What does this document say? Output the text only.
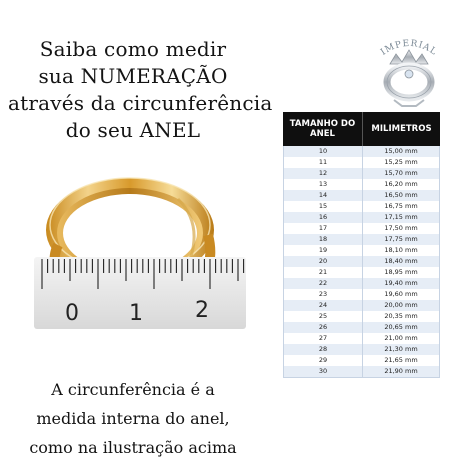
Saiba como medir
sua NUMERAÇÃO
através da circunferência
do seu ANEL
IMPERIAL
0 1 2
TAMANHO DO ANEL	MILIMETROS
10	15,00 mm
11	15,25 mm
12	15,70 mm
13	16,20 mm
14	16,50 mm
15	16,75 mm
16	17,15 mm
17	17,50 mm
18	17,75 mm
19	18,10 mm
20	18,40 mm
21	18,95 mm
22	19,40 mm
23	19,60 mm
24	20,00 mm
25	20,35 mm
26	20,65 mm
27	21,00 mm
28	21,30 mm
29	21,65 mm
30	21,90 mm
A circunferência é a
medida interna do anel,
como na ilustração acima
